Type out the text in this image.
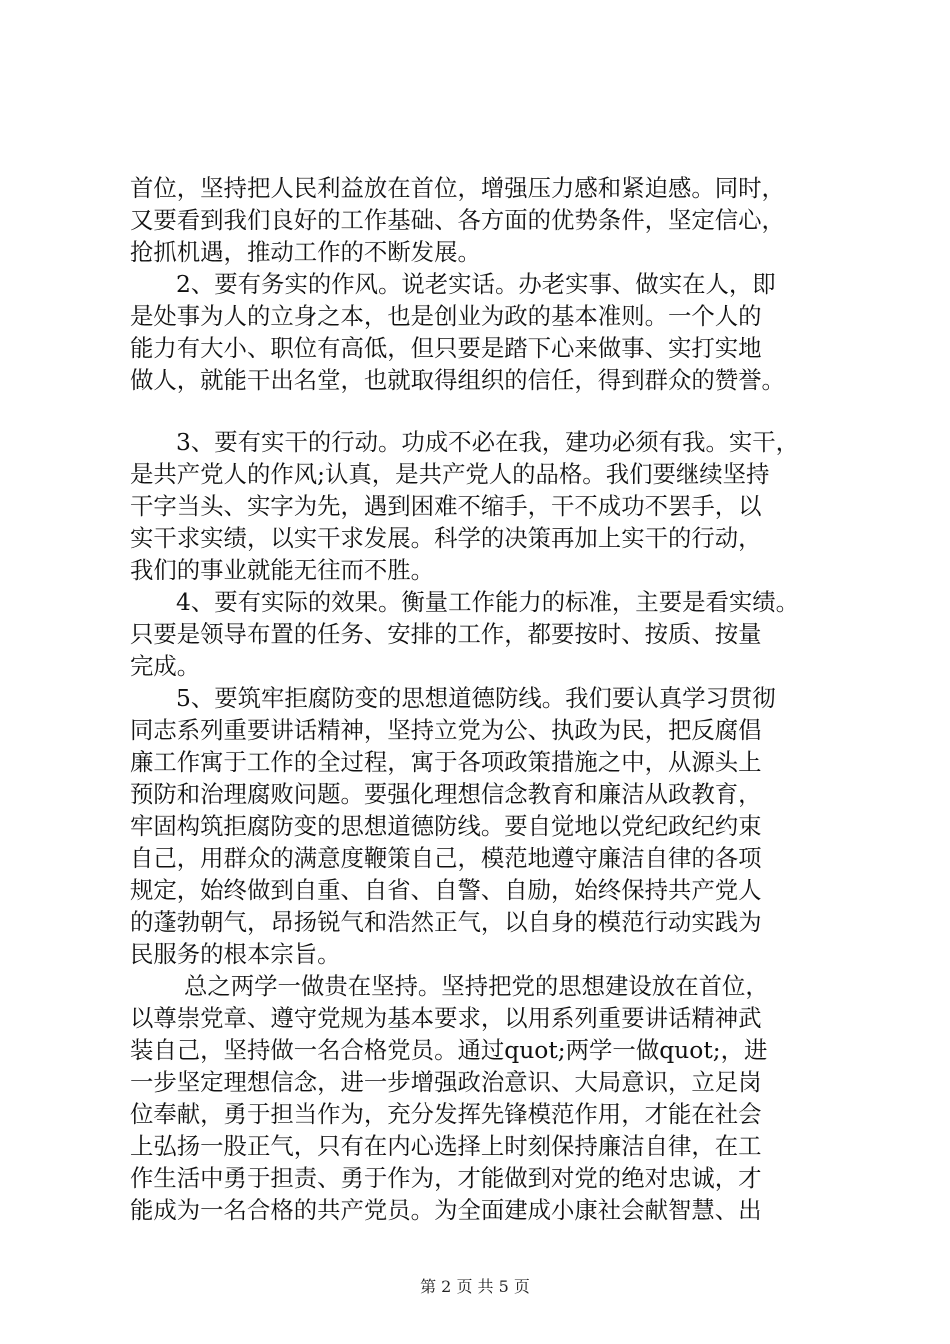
首位，坚持把人民利益放在首位，增强压力感和紧迫感。同时，
又要看到我们良好的工作基础、各方面的优势条件，坚定信心，
抢抓机遇，推动工作的不断发展。
2、要有务实的作风。说老实话。办老实事、做实在人，即
是处事为人的立身之本，也是创业为政的基本准则。一个人的
能力有大小、职位有高低，但只要是踏下心来做事、实打实地
做人，就能干出名堂，也就取得组织的信任，得到群众的赞誉。
3、要有实干的行动。功成不必在我，建功必须有我。实干，
是共产党人的作风;认真，是共产党人的品格。我们要继续坚持
干字当头、实字为先，遇到困难不缩手，干不成功不罢手，以
实干求实绩，以实干求发展。科学的决策再加上实干的行动，
我们的事业就能无往而不胜。
4、要有实际的效果。衡量工作能力的标准，主要是看实绩。
只要是领导布置的任务、安排的工作，都要按时、按质、按量
完成。
5、要筑牢拒腐防变的思想道德防线。我们要认真学习贯彻
同志系列重要讲话精神，坚持立党为公、执政为民，把反腐倡
廉工作寓于工作的全过程，寓于各项政策措施之中，从源头上
预防和治理腐败问题。要强化理想信念教育和廉洁从政教育，
牢固构筑拒腐防变的思想道德防线。要自觉地以党纪政纪约束
自己，用群众的满意度鞭策自己，模范地遵守廉洁自律的各项
规定，始终做到自重、自省、自警、自励，始终保持共产党人
的蓬勃朝气，昂扬锐气和浩然正气，以自身的模范行动实践为
民服务的根本宗旨。
总之两学一做贵在坚持。坚持把党的思想建设放在首位，
以尊崇党章、遵守党规为基本要求，以用系列重要讲话精神武
装自己，坚持做一名合格党员。通过quot;两学一做quot;，进
一步坚定理想信念，进一步增强政治意识、大局意识，立足岗
位奉献，勇于担当作为，充分发挥先锋模范作用，才能在社会
上弘扬一股正气，只有在内心选择上时刻保持廉洁自律，在工
作生活中勇于担责、勇于作为，才能做到对党的绝对忠诚，才
能成为一名合格的共产党员。为全面建成小康社会献智慧、出
第 2 页 共 5 页
